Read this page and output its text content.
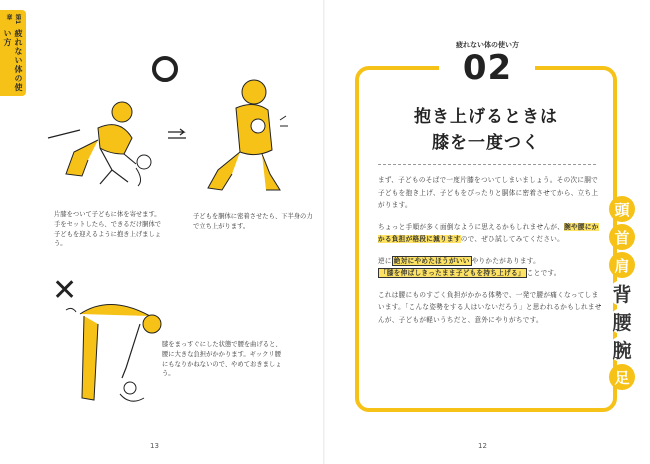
第1章
疲れない体の使い方
片膝をついて子どもに体を寄せます。手をセットしたら、できるだけ胴体で子どもを迎えるように抱き上げましょう。
子どもを胴体に密着させたら、下半身の力で立ち上がります。
✕
膝をまっすぐにした状態で腰を曲げると、腰に大きな負担がかかります。ギックリ腰にもなりかねないので、やめておきましょう。
13
疲れない体の使い方
02
抱き上げるときは
膝を一度つく

まず、子どものそばで一度片膝をついてしまいましょう。その次に胴で子どもを抱き上げ、子どもをぴったりと胴体に密着させてから、立ち上がります。

ちょっと手順が多く面倒なように思えるかもしれませんが、腕や腰にかかる負担が格段に減りますので、ぜひ試してみてください。

逆に 絶対にやめたほうがいい やりかたがあります。
「膝を伸ばしきったまま子どもを持ち上げる」 ことです。

これは腰にものすごく負担がかかる体勢で、一発で腰が痛くなってしまいます。「こんな姿勢をする人はいないだろう」と思われるかもしれませんが、子どもが軽いうちだと、意外にやりがちです。

頭
首
肩
背
腰
腕
足
12
